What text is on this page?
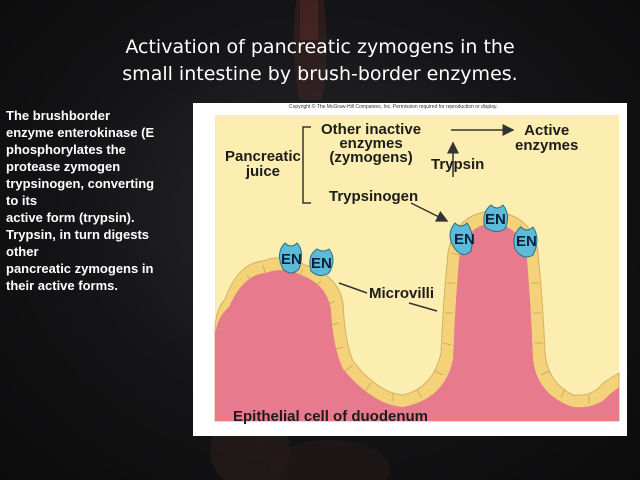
Activation of pancreatic zymogens in the
small intestine by brush-border enzymes.
The brushborder
enzyme enterokinase (E
phosphorylates the
protease zymogen
trypsinogen, converting
to its
active form (trypsin).
Trypsin, in turn digests
other
pancreatic zymogens in
their active forms.
Copyright © The McGraw-Hill Companies, Inc. Permission required for reproduction or display.
Pancreatic
juice
Other inactive
enzymes
(zymogens)
Active
enzymes
Trypsin
Trypsinogen
Microvilli
Epithelial cell of duodenum
EN EN
EN
EN
EN
